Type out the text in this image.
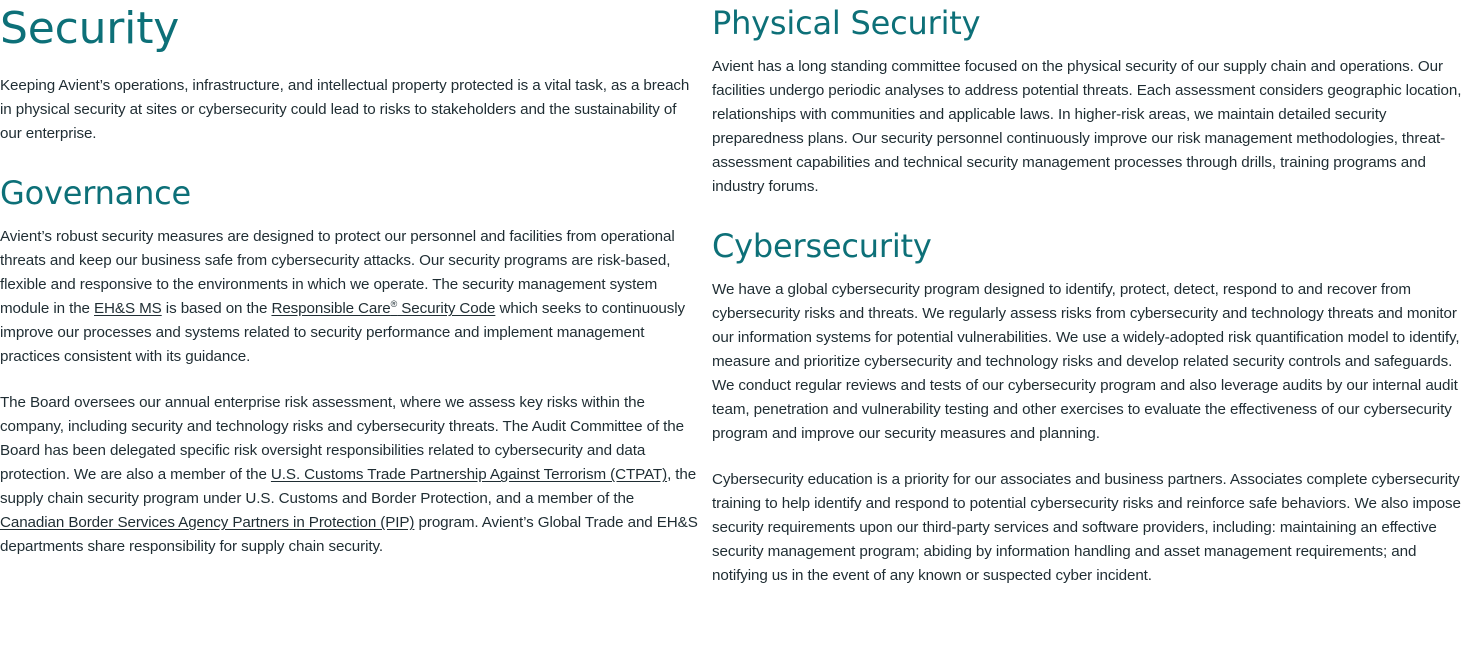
Security

Keeping Avient’s operations, infrastructure, and intellectual property protected is a vital task, as a breach in physical security at sites or cybersecurity could lead to risks to stakeholders and the sustainability of our enterprise.

Governance

Avient’s robust security measures are designed to protect our personnel and facilities from operational threats and keep our business safe from cybersecurity attacks. Our security programs are risk-based, flexible and responsive to the environments in which we operate. The security management system module in the EH&S MS is based on the Responsible Care® Security Code which seeks to continuously improve our processes and systems related to security performance and implement management practices consistent with its guidance.

The Board oversees our annual enterprise risk assessment, where we assess key risks within the company, including security and technology risks and cybersecurity threats. The Audit Committee of the Board has been delegated specific risk oversight responsibilities related to cybersecurity and data protection. We are also a member of the U.S. Customs Trade Partnership Against Terrorism (CTPAT), the supply chain security program under U.S. Customs and Border Protection, and a member of the Canadian Border Services Agency Partners in Protection (PIP) program. Avient’s Global Trade and EH&S departments share responsibility for supply chain security.

Physical Security

Avient has a long standing committee focused on the physical security of our supply chain and operations. Our facilities undergo periodic analyses to address potential threats. Each assessment considers geographic location, relationships with communities and applicable laws. In higher-risk areas, we maintain detailed security preparedness plans. Our security personnel continuously improve our risk management methodologies, threat-assessment capabilities and technical security management processes through drills, training programs and industry forums.

Cybersecurity

We have a global cybersecurity program designed to identify, protect, detect, respond to and recover from cybersecurity risks and threats. We regularly assess risks from cybersecurity and technology threats and monitor our information systems for potential vulnerabilities. We use a widely-adopted risk quantification model to identify, measure and prioritize cybersecurity and technology risks and develop related security controls and safeguards. We conduct regular reviews and tests of our cybersecurity program and also leverage audits by our internal audit team, penetration and vulnerability testing and other exercises to evaluate the effectiveness of our cybersecurity program and improve our security measures and planning.

Cybersecurity education is a priority for our associates and business partners. Associates complete cybersecurity training to help identify and respond to potential cybersecurity risks and reinforce safe behaviors. We also impose security requirements upon our third-party services and software providers, including: maintaining an effective security management program; abiding by information handling and asset management requirements; and notifying us in the event of any known or suspected cyber incident.
